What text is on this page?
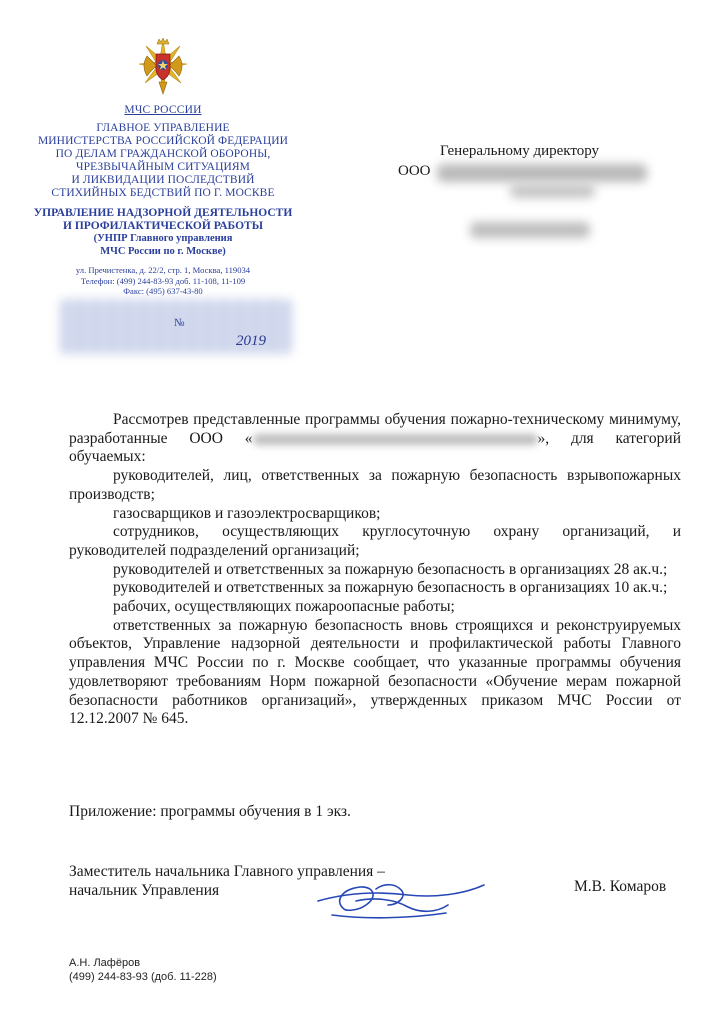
МЧС РОССИИ
ГЛАВНОЕ УПРАВЛЕНИЕ
МИНИСТЕРСТВА РОССИЙСКОЙ ФЕДЕРАЦИИ
ПО ДЕЛАМ ГРАЖДАНСКОЙ ОБОРОНЫ,
ЧРЕЗВЫЧАЙНЫМ СИТУАЦИЯМ
И ЛИКВИДАЦИИ ПОСЛЕДСТВИЙ
СТИХИЙНЫХ БЕДСТВИЙ ПО Г. МОСКВЕ
УПРАВЛЕНИЕ НАДЗОРНОЙ ДЕЯТЕЛЬНОСТИ
И ПРОФИЛАКТИЧЕСКОЙ РАБОТЫ
(УНПР Главного управления
МЧС России по г. Москве)
ул. Пречистенка, д. 22/2, стр. 1, Москва, 119034
Телефон: (499) 244-83-93 доб. 11-108, 11-109
Факс: (495) 637-43-80
№
2019
Генеральному директору
ООО

Рассмотрев представленные программы обучения пожарно-техническому минимуму, разработанные ООО «	», для категорий обучаемых:

руководителей, лиц, ответственных за пожарную безопасность взрывопожарных производств;

газосварщиков и газоэлектросварщиков;

сотрудников, осуществляющих круглосуточную охрану организаций, и руководителей подразделений организаций;

руководителей и ответственных за пожарную безопасность в организациях 28 ак.ч.;

руководителей и ответственных за пожарную безопасность в организациях 10 ак.ч.;

рабочих, осуществляющих пожароопасные работы;

ответственных за пожарную безопасность вновь строящихся и реконструируемых объектов, Управление надзорной деятельности и профилактической работы Главного управления МЧС России по г. Москве сообщает, что указанные программы обучения удовлетворяют требованиям Норм пожарной безопасности «Обучение мерам пожарной безопасности работников организаций», утвержденных приказом МЧС России от 12.12.2007 № 645.

Приложение: программы обучения в 1 экз.
Заместитель начальника Главного управления –
начальник Управления	М.В. Комаров
А.Н. Лафёров
(499) 244-83-93 (доб. 11-228)
